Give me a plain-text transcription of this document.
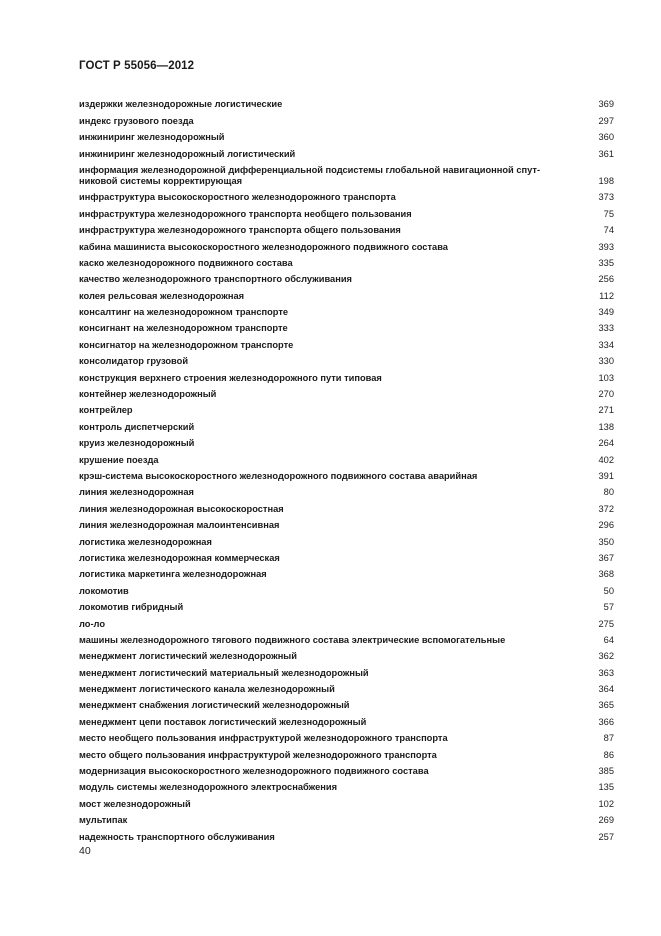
ГОСТ Р 55056—2012
издержки железнодорожные логистические	369
индекс грузового поезда	297
инжиниринг железнодорожный	360
инжиниринг железнодорожный логистический	361
информация железнодорожной дифференциальной подсистемы глобальной навигационной спут-никовой системы корректирующая	198
инфраструктура высокоскоростного железнодорожного транспорта	373
инфраструктура железнодорожного транспорта необщего пользования	75
инфраструктура железнодорожного транспорта общего пользования	74
кабина машиниста высокоскоростного железнодорожного подвижного состава	393
каско железнодорожного подвижного состава	335
качество железнодорожного транспортного обслуживания	256
колея рельсовая железнодорожная	112
консалтинг на железнодорожном транспорте	349
консигнант на железнодорожном транспорте	333
консигнатор на железнодорожном транспорте	334
консолидатор грузовой	330
конструкция верхнего строения железнодорожного пути типовая	103
контейнер железнодорожный	270
контрейлер	271
контроль диспетчерский	138
круиз железнодорожный	264
крушение поезда	402
крэш-система высокоскоростного железнодорожного подвижного состава аварийная	391
линия железнодорожная	80
линия железнодорожная высокоскоростная	372
линия железнодорожная малоинтенсивная	296
логистика железнодорожная	350
логистика железнодорожная коммерческая	367
логистика маркетинга железнодорожная	368
локомотив	50
локомотив гибридный	57
ло-ло	275
машины железнодорожного тягового подвижного состава электрические вспомогательные	64
менеджмент логистический железнодорожный	362
менеджмент логистический материальный железнодорожный	363
менеджмент логистического канала железнодорожный	364
менеджмент снабжения логистический железнодорожный	365
менеджмент цепи поставок логистический железнодорожный	366
место необщего пользования инфраструктурой железнодорожного транспорта	87
место общего пользования инфраструктурой железнодорожного транспорта	86
модернизация высокоскоростного железнодорожного подвижного состава	385
модуль системы железнодорожного электроснабжения	135
мост железнодорожный	102
мультипак	269
надежность транспортного обслуживания	257
40
